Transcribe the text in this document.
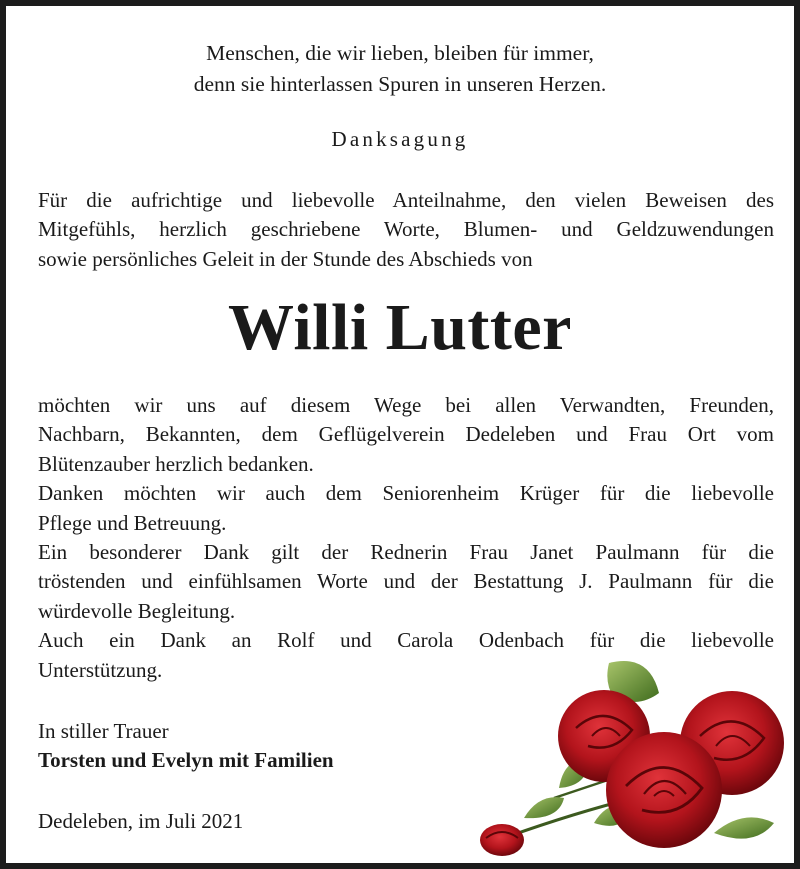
Menschen, die wir lieben, bleiben für immer,
denn sie hinterlassen Spuren in unseren Herzen.
Danksagung
Für die aufrichtige und liebevolle Anteilnahme, den vielen Beweisen des
Mitgefühls, herzlich geschriebene Worte, Blumen- und Geldzuwendungen
sowie persönliches Geleit in der Stunde des Abschieds von
Willi Lutter
möchten wir uns auf diesem Wege bei allen Verwandten, Freunden,
Nachbarn, Bekannten, dem Geflügelverein Dedeleben und Frau Ort vom
Blütenzauber herzlich bedanken.
Danken möchten wir auch dem Seniorenheim Krüger für die liebevolle
Pflege und Betreuung.
Ein besonderer Dank gilt der Rednerin Frau Janet Paulmann für die
tröstenden und einfühlsamen Worte und der Bestattung J. Paulmann für die
würdevolle Begleitung.
Auch ein Dank an Rolf und Carola Odenbach für die liebevolle
Unterstützung.
In stiller Trauer
Torsten und Evelyn mit Familien
Dedeleben, im Juli 2021
